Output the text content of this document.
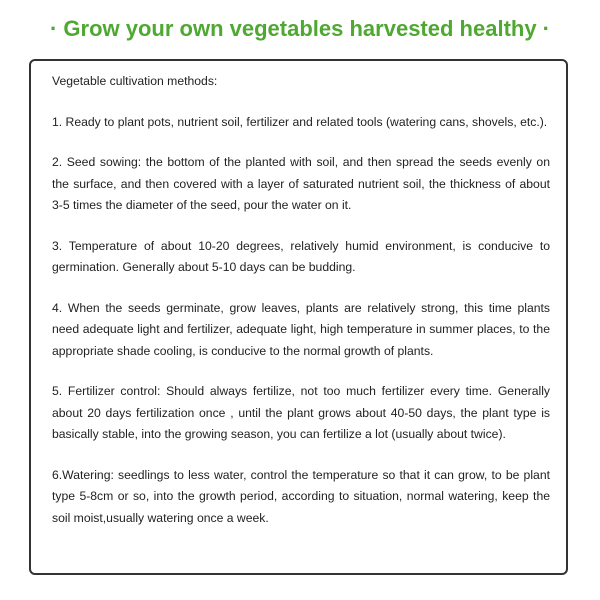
· Grow your own vegetables harvested healthy ·

Vegetable cultivation methods:

1. Ready to plant pots, nutrient soil, fertilizer and related tools (watering cans, shovels, etc.).

2. Seed sowing: the bottom of the planted with soil, and then spread the seeds evenly on the surface, and then covered with a layer of saturated nutrient soil, the thickness of about 3-5 times the diameter of the seed, pour the water on it.

3. Temperature of about 10-20 degrees, relatively humid environment, is conducive to germination. Generally about 5-10 days can be budding.

4. When the seeds germinate, grow leaves, plants are relatively strong, this time plants need adequate light and fertilizer, adequate light, high temperature in summer places, to the appropriate shade cooling, is conducive to the normal growth of plants.

5. Fertilizer control: Should always fertilize, not too much fertilizer every time. Generally about 20 days fertilization once , until the plant grows about 40-50 days, the plant type is basically stable, into the growing season, you can fertilize a lot (usually about twice).

6.Watering: seedlings to less water, control the temperature so that it can grow, to be plant type 5-8cm or so, into the growth period, according to situation, normal watering, keep the soil moist,usually watering once a week.
